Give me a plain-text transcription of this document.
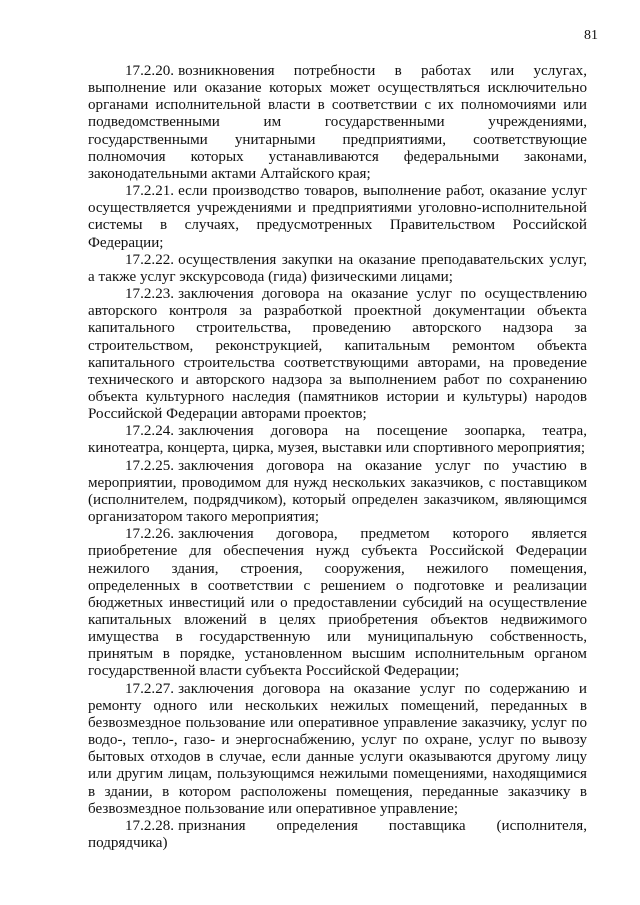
81

17.2.20. возникновения потребности в работах или услугах, выполнение или оказание которых может осуществляться исключительно органами исполнительной власти в соответствии с их полномочиями или подведомственными им государственными учреждениями, государственными унитарными предприятиями, соответствующие полномочия которых устанавливаются федеральными законами, законодательными актами Алтайского края;

17.2.21. если производство товаров, выполнение работ, оказание услуг осуществляется учреждениями и предприятиями уголовно-исполнительной системы в случаях, предусмотренных Правительством Российской Федерации;

17.2.22. осуществления закупки на оказание преподавательских услуг, а также услуг экскурсовода (гида) физическими лицами;

17.2.23. заключения договора на оказание услуг по осуществлению авторского контроля за разработкой проектной документации объекта капитального строительства, проведению авторского надзора за строительством, реконструкцией, капитальным ремонтом объекта капитального строительства соответствующими авторами, на проведение технического и авторского надзора за выполнением работ по сохранению объекта культурного наследия (памятников истории и культуры) народов Российской Федерации авторами проектов;

17.2.24. заключения договора на посещение зоопарка, театра, кинотеатра, концерта, цирка, музея, выставки или спортивного мероприятия;

17.2.25. заключения договора на оказание услуг по участию в мероприятии, проводимом для нужд нескольких заказчиков, с поставщиком (исполнителем, подрядчиком), который определен заказчиком, являющимся организатором такого мероприятия;

17.2.26. заключения договора, предметом которого является приобретение для обеспечения нужд субъекта Российской Федерации нежилого здания, строения, сооружения, нежилого помещения, определенных в соответствии с решением о подготовке и реализации бюджетных инвестиций или о предоставлении субсидий на осуществление капитальных вложений в целях приобретения объектов недвижимого имущества в государственную или муниципальную собственность, принятым в порядке, установленном высшим исполнительным органом государственной власти субъекта Российской Федерации;

17.2.27. заключения договора на оказание услуг по содержанию и ремонту одного или нескольких нежилых помещений, переданных в безвозмездное пользование или оперативное управление заказчику, услуг по водо-, тепло-, газо- и энергоснабжению, услуг по охране, услуг по вывозу бытовых отходов в случае, если данные услуги оказываются другому лицу или другим лицам, пользующимся нежилыми помещениями, находящимися в здании, в котором расположены помещения, переданные заказчику в безвозмездное пользование или оперативное управление;

17.2.28. признания определения поставщика (исполнителя, подрядчика)
